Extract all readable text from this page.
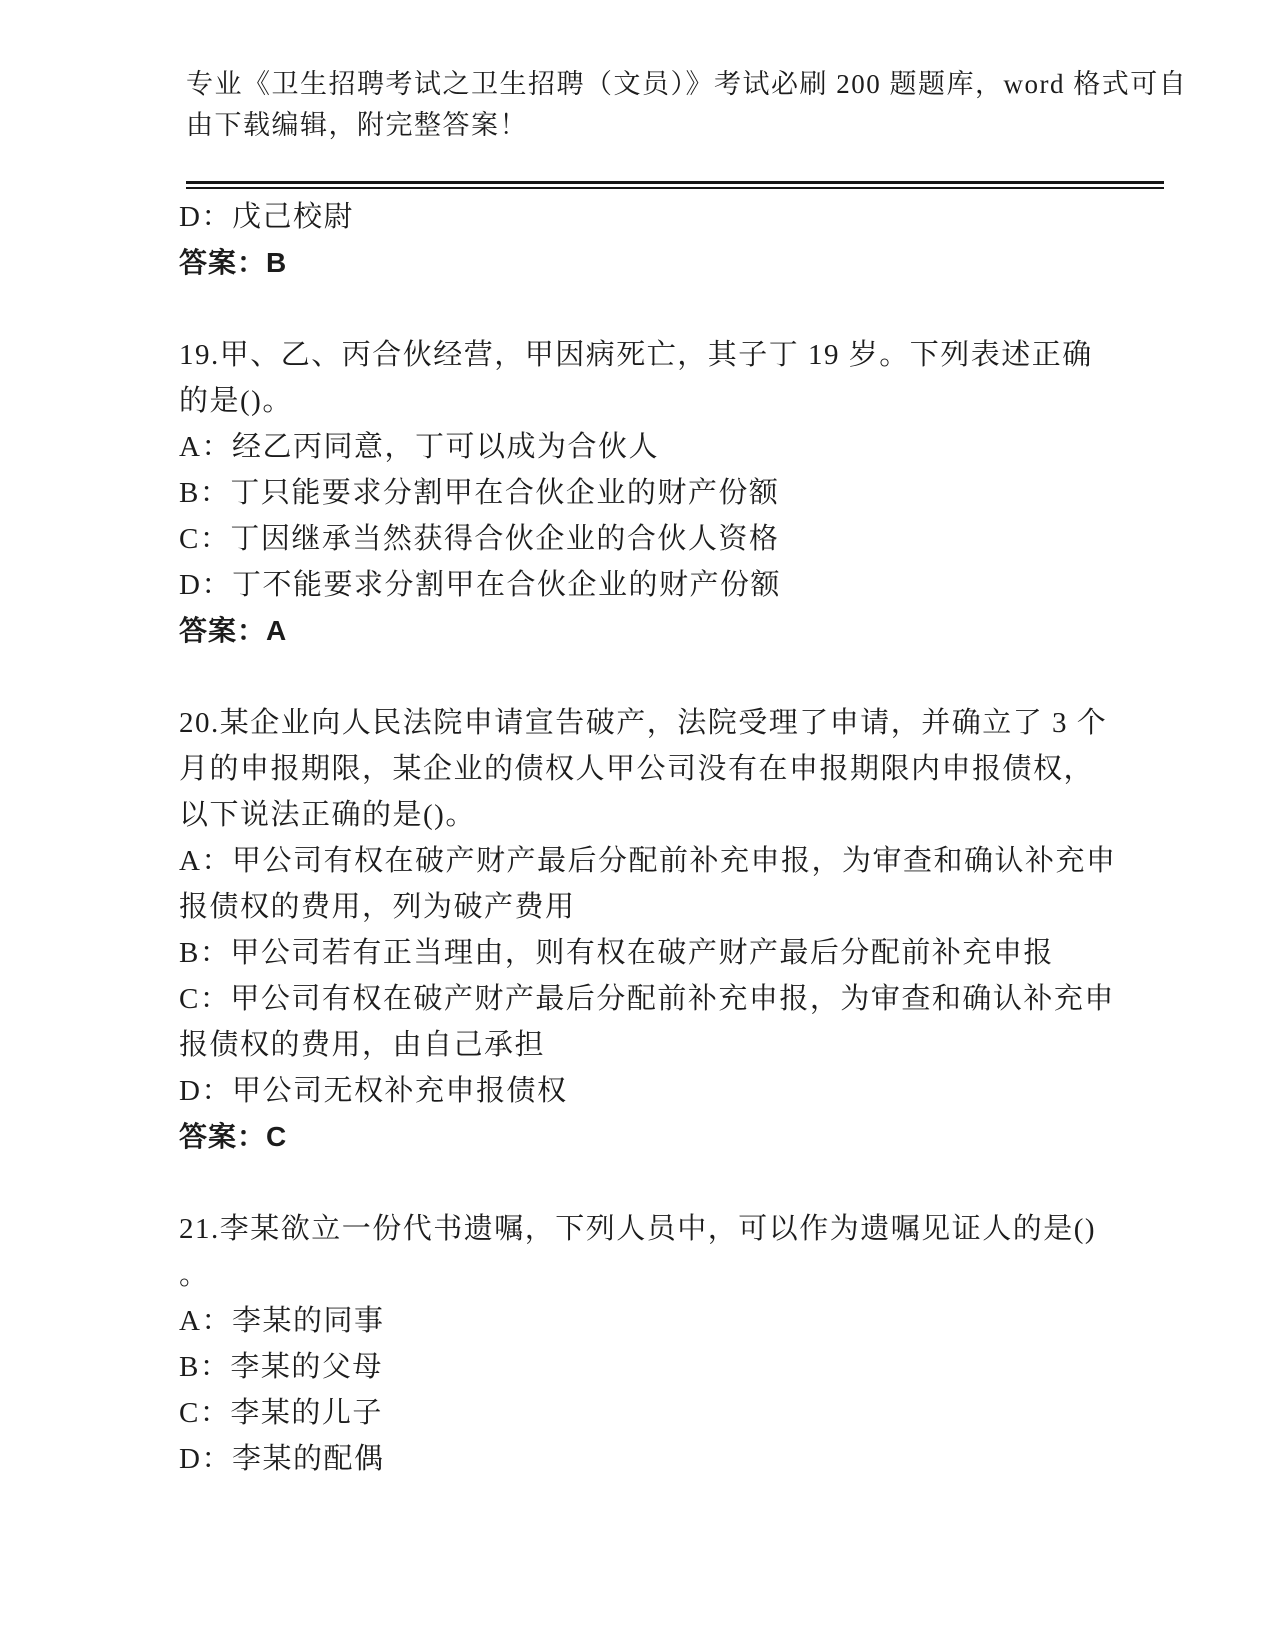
专业《卫生招聘考试之卫生招聘（文员）》考试必刷 200 题题库，word 格式可自
由下载编辑，附完整答案！
D：戊己校尉
答案：B
19.甲、乙、丙合伙经营，甲因病死亡，其子丁 19 岁。下列表述正确
的是()。
A：经乙丙同意，丁可以成为合伙人
B：丁只能要求分割甲在合伙企业的财产份额
C：丁因继承当然获得合伙企业的合伙人资格
D：丁不能要求分割甲在合伙企业的财产份额
答案：A
20.某企业向人民法院申请宣告破产，法院受理了申请，并确立了 3 个
月的申报期限，某企业的债权人甲公司没有在申报期限内申报债权，
以下说法正确的是()。
A：甲公司有权在破产财产最后分配前补充申报，为审查和确认补充申
报债权的费用，列为破产费用
B：甲公司若有正当理由，则有权在破产财产最后分配前补充申报
C：甲公司有权在破产财产最后分配前补充申报，为审查和确认补充申
报债权的费用，由自己承担
D：甲公司无权补充申报债权
答案：C
21.李某欲立一份代书遗嘱，下列人员中，可以作为遗嘱见证人的是()
。
A：李某的同事
B：李某的父母
C：李某的儿子
D：李某的配偶
